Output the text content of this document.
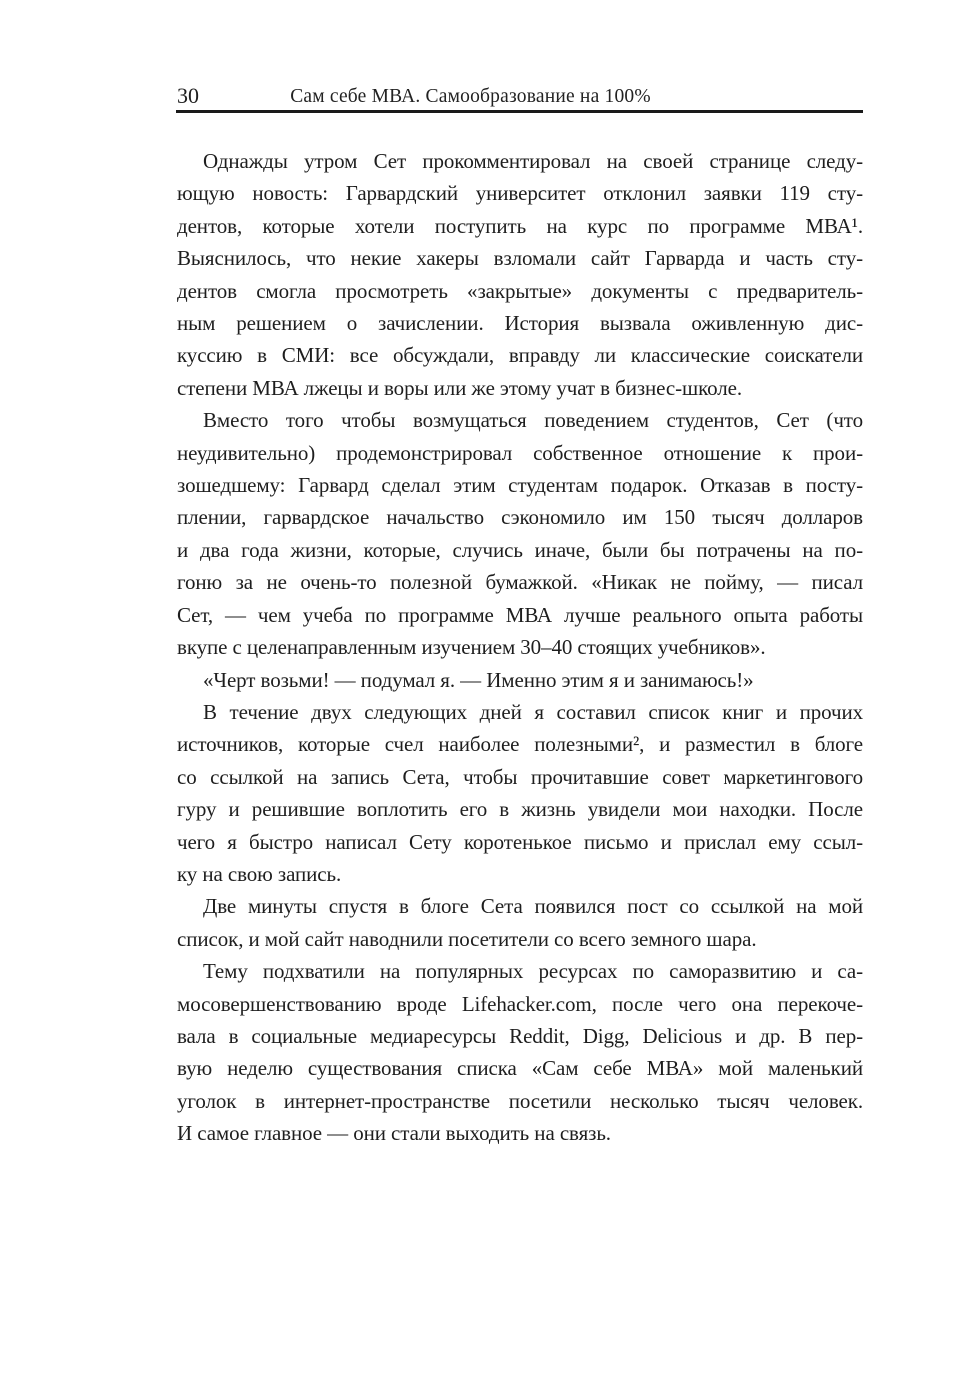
30	Сам себе МВА. Самообразование на 100%
Однажды утром Сет прокомментировал на своей странице следу-
ющую новость: Гарвардский университет отклонил заявки 119 сту-
дентов, которые хотели поступить на курс по программе МВА¹.
Выяснилось, что некие хакеры взломали сайт Гарварда и часть сту-
дентов смогла просмотреть «закрытые» документы с предваритель-
ным решением о зачислении. История вызвала оживленную дис-
куссию в СМИ: все обсуждали, вправду ли классические соискатели
степени МВА лжецы и воры или же этому учат в бизнес-школе.
Вместо того чтобы возмущаться поведением студентов, Сет (что
неудивительно) продемонстрировал собственное отношение к прои-
зошедшему: Гарвард сделал этим студентам подарок. Отказав в посту-
плении, гарвардское начальство сэкономило им 150 тысяч долларов
и два года жизни, которые, случись иначе, были бы потрачены на по-
гоню за не очень-то полезной бумажкой. «Никак не пойму, — писал
Сет, — чем учеба по программе МВА лучше реального опыта работы
вкупе с целенаправленным изучением 30–40 стоящих учебников».
«Черт возьми! — подумал я. — Именно этим я и занимаюсь!»
В течение двух следующих дней я составил список книг и прочих
источников, которые счел наиболее полезными², и разместил в блоге
со ссылкой на запись Сета, чтобы прочитавшие совет маркетингового
гуру и решившие воплотить его в жизнь увидели мои находки. После
чего я быстро написал Сету коротенькое письмо и прислал ему ссыл-
ку на свою запись.
Две минуты спустя в блоге Сета появился пост со ссылкой на мой
список, и мой сайт наводнили посетители со всего земного шара.
Тему подхватили на популярных ресурсах по саморазвитию и са-
мосовершенствованию вроде Lifehacker.com, после чего она перекоче-
вала в социальные медиаресурсы Reddit, Digg, Delicious и др. В пер-
вую неделю существования списка «Сам себе МВА» мой маленький
уголок в интернет-пространстве посетили несколько тысяч человек.
И самое главное — они стали выходить на связь.
